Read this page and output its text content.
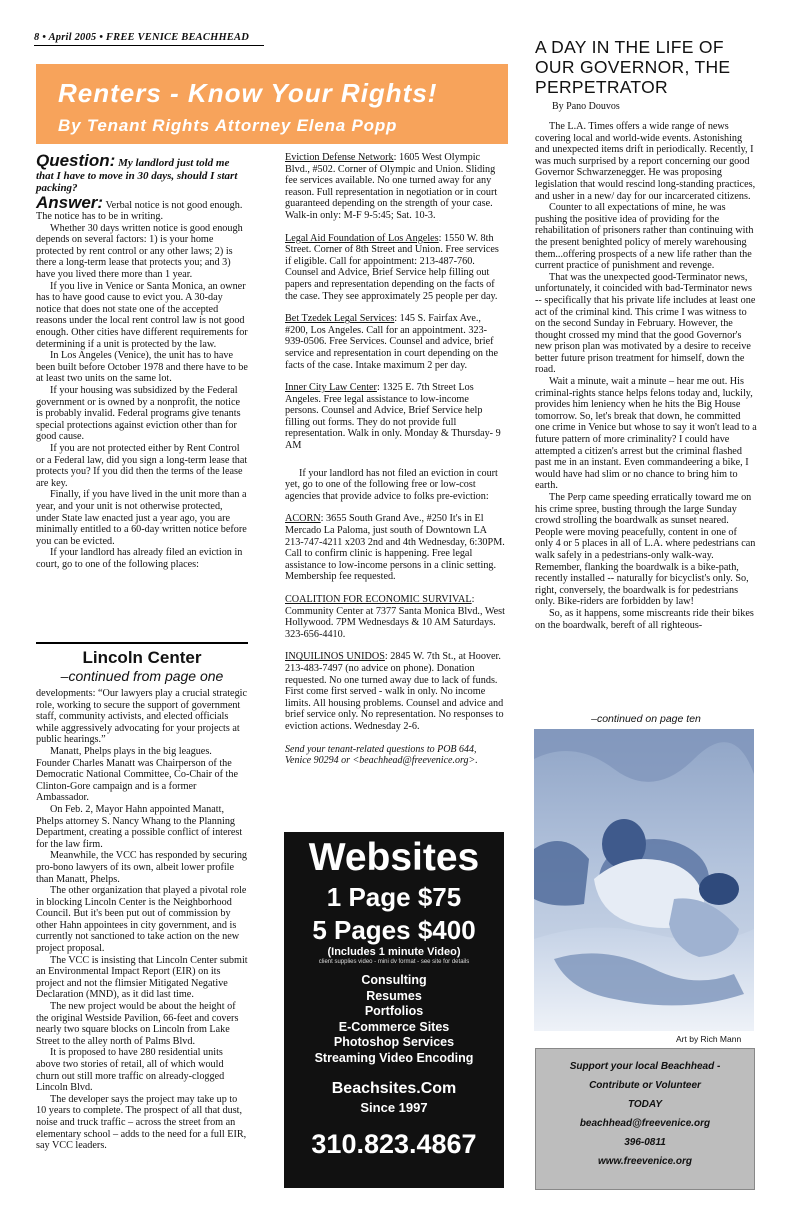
8 • April 2005 • FREE VENICE BEACHHEAD
Renters - Know Your Rights!
By Tenant Rights Attorney Elena Popp
Question: My landlord just told me that I have to move in 30 days, should I start packing?

Answer: Verbal notice is not good enough. The notice has to be in writing.

Whether 30 days written notice is good enough depends on several factors: 1) is your home protected by rent control or any other laws; 2) is there a long-term lease that protects you; and 3) have you lived there more than 1 year.

If you live in Venice or Santa Monica, an owner has to have good cause to evict you. A 30-day notice that does not state one of the accepted reasons under the local rent control law is not good enough. Other cities have different requirements for determining if a unit is protected by the law.

In Los Angeles (Venice), the unit has to have been built before October 1978 and there have to be at least two units on the same lot.

If your housing was subsidized by the Federal government or is owned by a nonprofit, the notice is probably invalid. Federal programs give tenants special protections against eviction other than for good cause.

If you are not protected either by Rent Control or a Federal law, did you sign a long-term lease that protects you? If you did then the terms of the lease are key.

Finally, if you have lived in the unit more than a year, and your unit is not otherwise protected, under State law enacted just a year ago, you are minimally entitled to a 60-day written notice before you can be evicted.

If your landlord has already filed an eviction in court, go to one of the following places:

Lincoln Center
–continued from page one

developments: “Our lawyers play a crucial strategic role, working to secure the support of government staff, community activists, and elected officials while aggressively advocating for your projects at public hearings.”

Manatt, Phelps plays in the big leagues. Founder Charles Manatt was Chairperson of the Democratic National Committee, Co-Chair of the Clinton-Gore campaign and is a former Ambassador.

On Feb. 2, Mayor Hahn appointed Manatt, Phelps attorney S. Nancy Whang to the Planning Department, creating a possible conflict of interest for the law firm.

Meanwhile, the VCC has responded by securing pro-bono lawyers of its own, albeit lower profile than Manatt, Phelps.

The other organization that played a pivotal role in blocking Lincoln Center is the Neighborhood Council. But it's been put out of commission by other Hahn appointees in city government, and is currently not sanctioned to take action on the new project proposal.

The VCC is insisting that Lincoln Center submit an Environmental Impact Report (EIR) on its project and not the flimsier Mitigated Negative Declaration (MND), as it did last time.

The new project would be about the height of the original Westside Pavilion, 66-feet and covers nearly two square blocks on Lincoln from Lake Street to the alley north of Palms Blvd.

It is proposed to have 280 residential units above two stories of retail, all of which would churn out still more traffic on already-clogged Lincoln Blvd.

The developer says the project may take up to 10 years to complete. The prospect of all that dust, noise and truck traffic – across the street from an elementary school – adds to the need for a full EIR, say VCC leaders.

Eviction Defense Network: 1605 West Olympic Blvd., #502. Corner of Olympic and Union. Sliding fee services available. No one turned away for any reason. Full representation in negotiation or in court guaranteed depending on the strength of your case. Walk-in only: M-F 9-5:45; Sat. 10-3.

Legal Aid Foundation of Los Angeles: 1550 W. 8th Street. Corner of 8th Street and Union. Free services if eligible. Call for appointment: 213-487-760. Counsel and Advice, Brief Service help filling out papers and representation depending on the facts of the case. They see approximately 25 people per day.

Bet Tzedek Legal Services: 145 S. Fairfax Ave., #200, Los Angeles. Call for an appointment. 323-939-0506. Free Services. Counsel and advice, brief service and representation in court depending on the facts of the case. Intake maximum 2 per day.

Inner City Law Center: 1325 E. 7th Street Los Angeles. Free legal assistance to low-income persons. Counsel and Advice, Brief Service help filling out forms. They do not provide full representation. Walk in only. Monday & Thursday- 9 AM

If your landlord has not filed an eviction in court yet, go to one of the following free or low-cost agencies that provide advice to folks pre-eviction:

ACORN: 3655 South Grand Ave., #250 It's in El Mercado La Paloma, just south of Downtown LA 213-747-4211 x203 2nd and 4th Wednesday, 6:30PM. Call to confirm clinic is happening. Free legal assistance to low-income persons in a clinic setting. Membership fee requested.

COALITION FOR ECONOMIC SURVIVAL: Community Center at 7377 Santa Monica Blvd., West Hollywood. 7PM Wednesdays & 10 AM Saturdays. 323-656-4410.

INQUILINOS UNIDOS: 2845 W. 7th St., at Hoover. 213-483-7497 (no advice on phone). Donation requested. No one turned away due to lack of funds. First come first served - walk in only. No income limits. All housing problems. Counsel and advice and brief service only. No representation. No responses to eviction actions. Wednesday 2-6.

Send your tenant-related questions to POB 644, Venice 90294 or <beachhead@freevenice.org>.

Websites
1 Page $75
5 Pages $400
(Includes 1 minute Video)
client supplies video - mini dv format - see site for details
Consulting
Resumes
Portfolios
E-Commerce Sites
Photoshop Services
Streaming Video Encoding
Beachsites.Com
Since 1997
310.823.4867
A DAY IN THE LIFE OF
OUR GOVERNOR, THE
PERPETRATOR
By Pano Douvos

The L.A. Times offers a wide range of news covering local and world-wide events. Astonishing and unexpected items drift in periodically. Recently, I was much surprised by a report concerning our good Governor Schwarzenegger. He was proposing legislation that would rescind long-standing practices, and usher in a new/ day for our incarcerated citizens.

Counter to all expectations of mine, he was pushing the positive idea of providing for the rehabilitation of prisoners rather than continuing with the present benighted policy of merely warehousing them...offering prospects of a new life rather than the current practice of punishment and revenge.

That was the unexpected good-Terminator news, unfortunately, it coincided with bad-Terminator news -- specifically that his private life includes at least one act of the criminal kind. This crime I was witness to on the second Sunday in February. However, the thought crossed my mind that the good Governor's new prison plan was motivated by a desire to receive better future prison treatment for himself, down the road.

Wait a minute, wait a minute – hear me out. His criminal-rights stance helps felons today and, luckily, provides him leniency when he hits the Big House tomorrow. So, let's break that down, he committed one crime in Venice but whose to say it won't lead to a future pattern of more criminality? I could have attempted a citizen's arrest but the criminal flashed past me in an instant. Even commandeering a bike, I would have had slim or no chance to bring him to earth.

The Perp came speeding erratically toward me on his crime spree, busting through the large Sunday crowd strolling the boardwalk as sunset neared. People were moving peacefully, content in one of only 4 or 5 places in all of L.A. where pedestrians can walk safely in a pedestrians-only walk-way. Remember, flanking the boardwalk is a bike-path, recently installed -- naturally for bicyclist's only. So, right, conversely, the boardwalk is for pedestrians only. Bike-riders are forbidden by law!

So, as it happens, some miscreants ride their bikes on the boardwalk, bereft of all righteous-

–continued on page ten
Art by Rich Mann
Support your local Beachhead -
Contribute or Volunteer
TODAY
beachhead@freevenice.org
396-0811
www.freevenice.org
